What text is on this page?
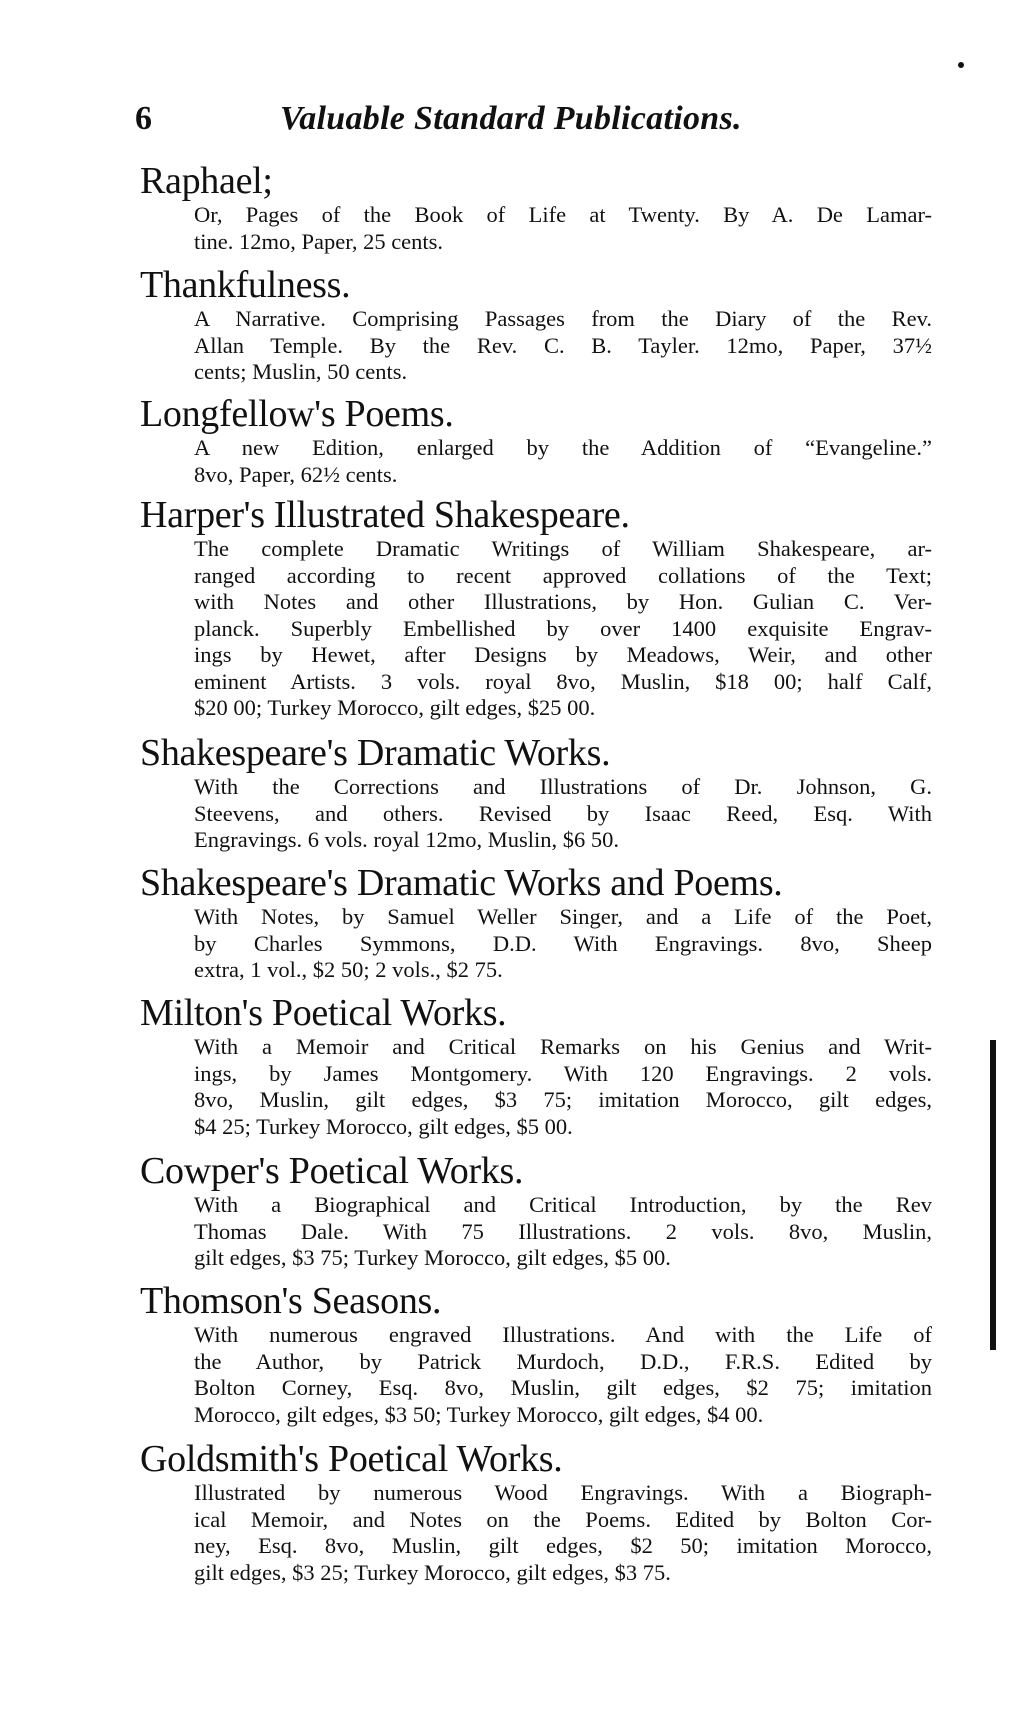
6	Valuable Standard Publications.
Raphael;
Or, Pages of the Book of Life at Twenty. By A. De Lamar-
tine. 12mo, Paper, 25 cents.
Thankfulness.
A Narrative. Comprising Passages from the Diary of the Rev.
Allan Temple. By the Rev. C. B. Tayler. 12mo, Paper, 37½
cents; Muslin, 50 cents.
Longfellow's Poems.
A new Edition, enlarged by the Addition of “Evangeline.”
8vo, Paper, 62½ cents.
Harper's Illustrated Shakespeare.
The complete Dramatic Writings of William Shakespeare, ar-
ranged according to recent approved collations of the Text;
with Notes and other Illustrations, by Hon. Gulian C. Ver-
planck. Superbly Embellished by over 1400 exquisite Engrav-
ings by Hewet, after Designs by Meadows, Weir, and other
eminent Artists. 3 vols. royal 8vo, Muslin, $18 00; half Calf,
$20 00; Turkey Morocco, gilt edges, $25 00.
Shakespeare's Dramatic Works.
With the Corrections and Illustrations of Dr. Johnson, G.
Steevens, and others. Revised by Isaac Reed, Esq. With
Engravings. 6 vols. royal 12mo, Muslin, $6 50.
Shakespeare's Dramatic Works and Poems.
With Notes, by Samuel Weller Singer, and a Life of the Poet,
by Charles Symmons, D.D. With Engravings. 8vo, Sheep
extra, 1 vol., $2 50; 2 vols., $2 75.
Milton's Poetical Works.
With a Memoir and Critical Remarks on his Genius and Writ-
ings, by James Montgomery. With 120 Engravings. 2 vols.
8vo, Muslin, gilt edges, $3 75; imitation Morocco, gilt edges,
$4 25; Turkey Morocco, gilt edges, $5 00.
Cowper's Poetical Works.
With a Biographical and Critical Introduction, by the Rev
Thomas Dale. With 75 Illustrations. 2 vols. 8vo, Muslin,
gilt edges, $3 75; Turkey Morocco, gilt edges, $5 00.
Thomson's Seasons.
With numerous engraved Illustrations. And with the Life of
the Author, by Patrick Murdoch, D.D., F.R.S. Edited by
Bolton Corney, Esq. 8vo, Muslin, gilt edges, $2 75; imitation
Morocco, gilt edges, $3 50; Turkey Morocco, gilt edges, $4 00.
Goldsmith's Poetical Works.
Illustrated by numerous Wood Engravings. With a Biograph-
ical Memoir, and Notes on the Poems. Edited by Bolton Cor-
ney, Esq. 8vo, Muslin, gilt edges, $2 50; imitation Morocco,
gilt edges, $3 25; Turkey Morocco, gilt edges, $3 75.
